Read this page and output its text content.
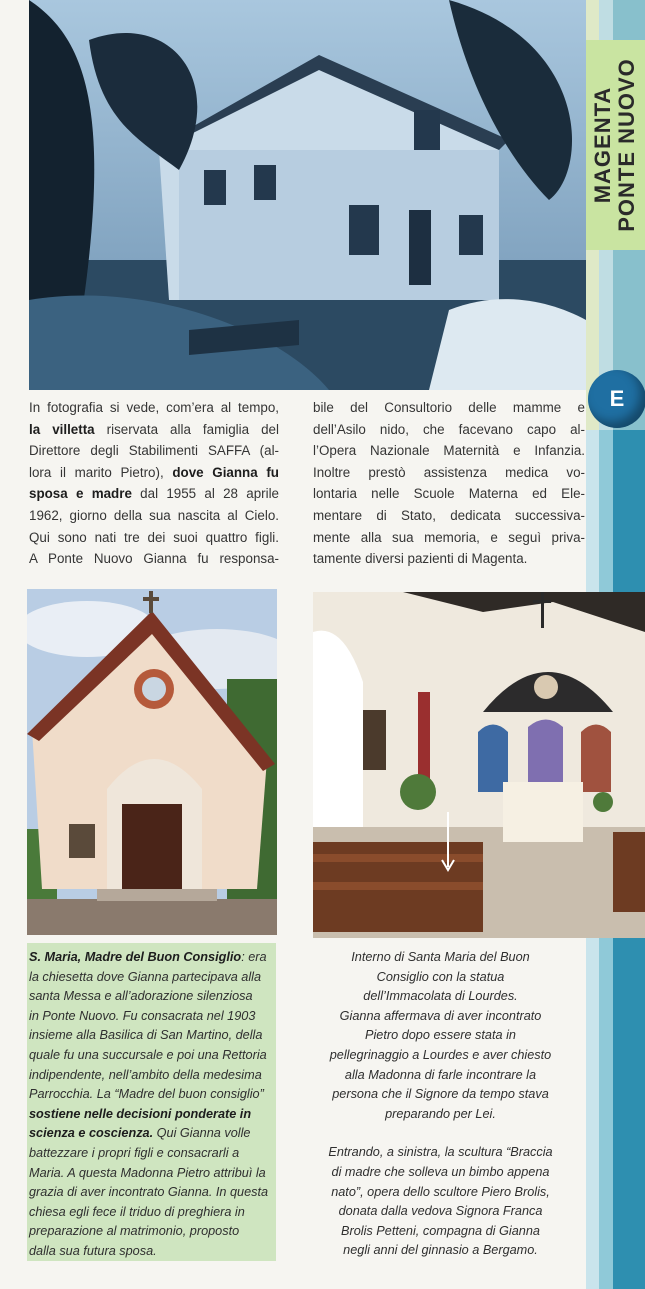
MAGENTA PONTE NUOVO
E
In fotografia si vede, com’era al tempo,
la villetta riservata alla famiglia del
Direttore degli Stabilimenti SAFFA (al-
lora il marito Pietro), dove Gianna fu
sposa e madre dal 1955 al 28 aprile
1962, giorno della sua nascita al Cielo.
Qui sono nati tre dei suoi quattro figli.
A Ponte Nuovo Gianna fu responsa-
bile del Consultorio delle mamme e
dell’Asilo nido, che facevano capo al-
l’Opera Nazionale Maternità e Infanzia.
Inoltre prestò assistenza medica vo-
lontaria nelle Scuole Materna ed Ele-
mentare di Stato, dedicata successiva-
mente alla sua memoria, e seguì priva-
tamente diversi pazienti di Magenta.
S. Maria, Madre del Buon Consiglio: era
la chiesetta dove Gianna partecipava alla
santa Messa e all’adorazione silenziosa
in Ponte Nuovo. Fu consacrata nel 1903
insieme alla Basilica di San Martino, della
quale fu una succursale e poi una Rettoria
indipendente, nell’ambito della medesima
Parrocchia. La “Madre del buon consiglio”
sostiene nelle decisioni ponderate in
scienza e coscienza. Qui Gianna volle
battezzare i propri figli e consacrarli a
Maria. A questa Madonna Pietro attribuì la
grazia di aver incontrato Gianna. In questa
chiesa egli fece il triduo di preghiera in
preparazione al matrimonio, proposto
dalla sua futura sposa.
Interno di Santa Maria del Buon
Consiglio con la statua
dell’Immacolata di Lourdes.
Gianna affermava di aver incontrato
Pietro dopo essere stata in
pellegrinaggio a Lourdes e aver chiesto
alla Madonna di farle incontrare la
persona che il Signore da tempo stava
preparando per Lei.
Entrando, a sinistra, la scultura “Braccia
di madre che solleva un bimbo appena
nato”, opera dello scultore Piero Brolis,
donata dalla vedova Signora Franca
Brolis Petteni, compagna di Gianna
negli anni del ginnasio a Bergamo.
